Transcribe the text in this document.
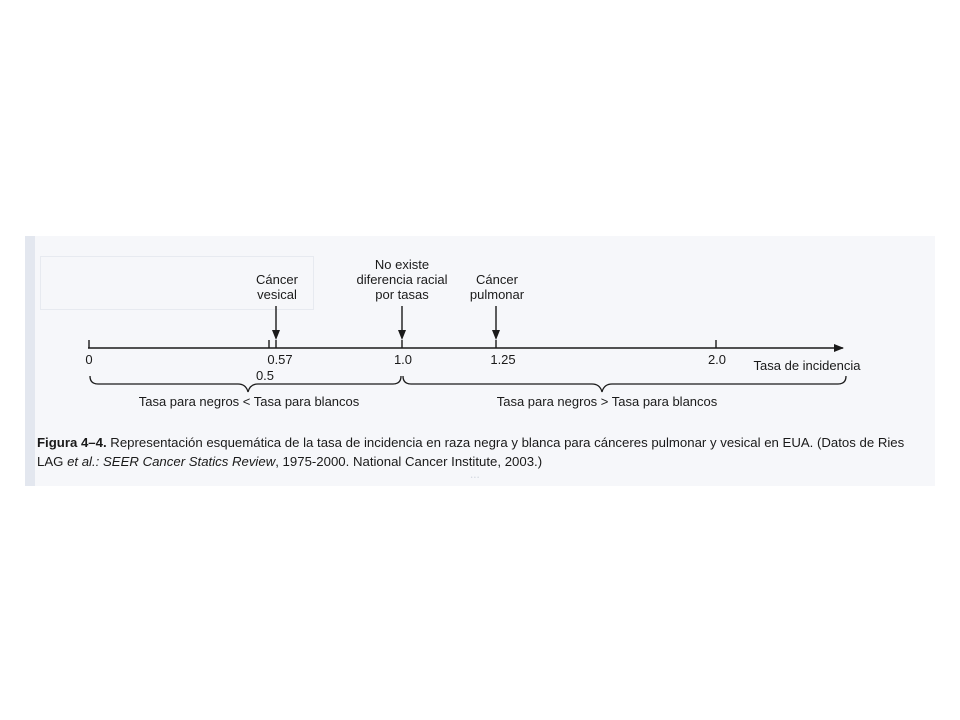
Cáncer
vesical
No existe
diferencia racial
por tasas
Cáncer
pulmonar
0	0.57	1.0	1.25	2.0
0.5
Tasa de incidencia
Tasa para negros < Tasa para blancos	Tasa para negros > Tasa para blancos
Figura 4–4. Representación esquemática de la tasa de incidencia en raza negra y blanca para cánceres pulmonar y vesical en EUA. (Datos de Ries LAG et al.: SEER Cancer Statics Review, 1975-2000. National Cancer Institute, 2003.)
...
